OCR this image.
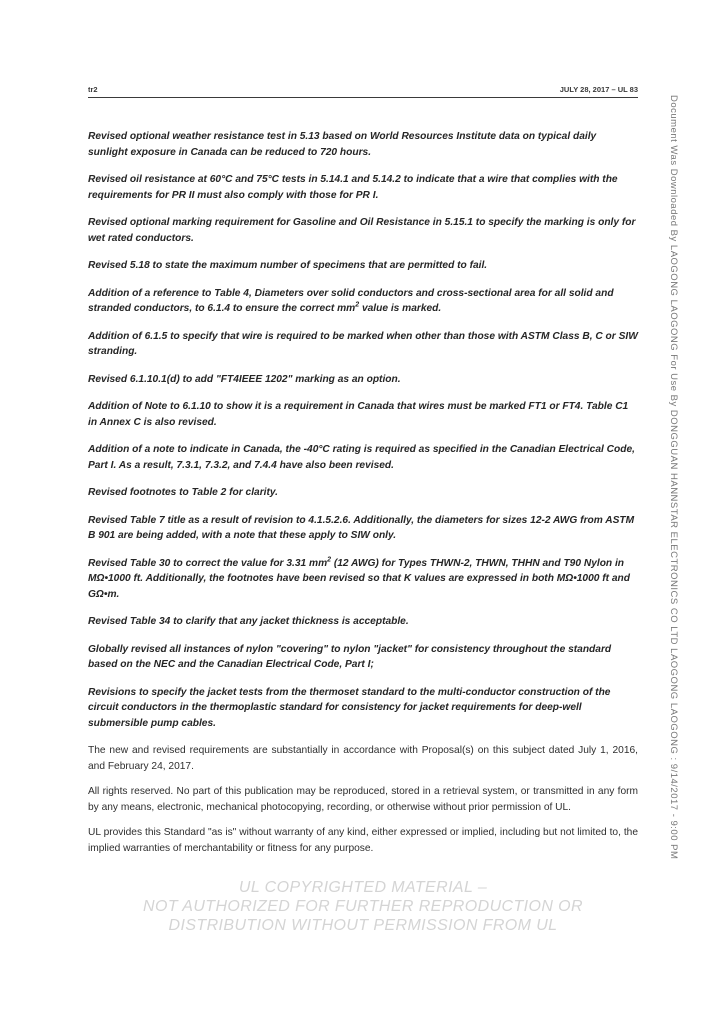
tr2	JULY 28, 2017 – UL 83

Revised optional weather resistance test in 5.13 based on World Resources Institute data on typical daily sunlight exposure in Canada can be reduced to 720 hours.

Revised oil resistance at 60°C and 75°C tests in 5.14.1 and 5.14.2 to indicate that a wire that complies with the requirements for PR II must also comply with those for PR I.

Revised optional marking requirement for Gasoline and Oil Resistance in 5.15.1 to specify the marking is only for wet rated conductors.

Revised 5.18 to state the maximum number of specimens that are permitted to fail.

Addition of a reference to Table 4, Diameters over solid conductors and cross-sectional area for all solid and stranded conductors, to 6.1.4 to ensure the correct $mm^2$ value is marked.

Addition of 6.1.5 to specify that wire is required to be marked when other than those with ASTM Class B, C or SIW stranding.

Revised 6.1.10.1(d) to add "FT4IEEE 1202" marking as an option.

Addition of Note to 6.1.10 to show it is a requirement in Canada that wires must be marked FT1 or FT4. Table C1 in Annex C is also revised.

Addition of a note to indicate in Canada, the -40°C rating is required as specified in the Canadian Electrical Code, Part I. As a result, 7.3.1, 7.3.2, and 7.4.4 have also been revised.

Revised footnotes to Table 2 for clarity.

Revised Table 7 title as a result of revision to 4.1.5.2.6. Additionally, the diameters for sizes 12-2 AWG from ASTM B 901 are being added, with a note that these apply to SIW only.

Revised Table 30 to correct the value for 3.31 $mm^2$ (12 AWG) for Types THWN-2, THWN, THHN and T90 Nylon in MΩ•1000 ft. Additionally, the footnotes have been revised so that K values are expressed in both MΩ•1000 ft and GΩ•m.

Revised Table 34 to clarify that any jacket thickness is acceptable.

Globally revised all instances of nylon "covering" to nylon "jacket" for consistency throughout the standard based on the NEC and the Canadian Electrical Code, Part I;

Revisions to specify the jacket tests from the thermoset standard to the multi-conductor construction of the circuit conductors in the thermoplastic standard for consistency for jacket requirements for deep-well submersible pump cables.

The new and revised requirements are substantially in accordance with Proposal(s) on this subject dated July 1, 2016, and February 24, 2017.

All rights reserved. No part of this publication may be reproduced, stored in a retrieval system, or transmitted in any form by any means, electronic, mechanical photocopying, recording, or otherwise without prior permission of UL.

UL provides this Standard "as is" without warranty of any kind, either expressed or implied, including but not limited to, the implied warranties of merchantability or fitness for any purpose.

UL COPYRIGHTED MATERIAL –
NOT AUTHORIZED FOR FURTHER REPRODUCTION OR
DISTRIBUTION WITHOUT PERMISSION FROM UL
Document Was Downloaded By LAOGONG LAOGONG For Use By DONGGUAN HANNSTAR ELECTRONICS CO LTD LAOGONG LAOGONG : 9/14/2017 - 9:00 PM
